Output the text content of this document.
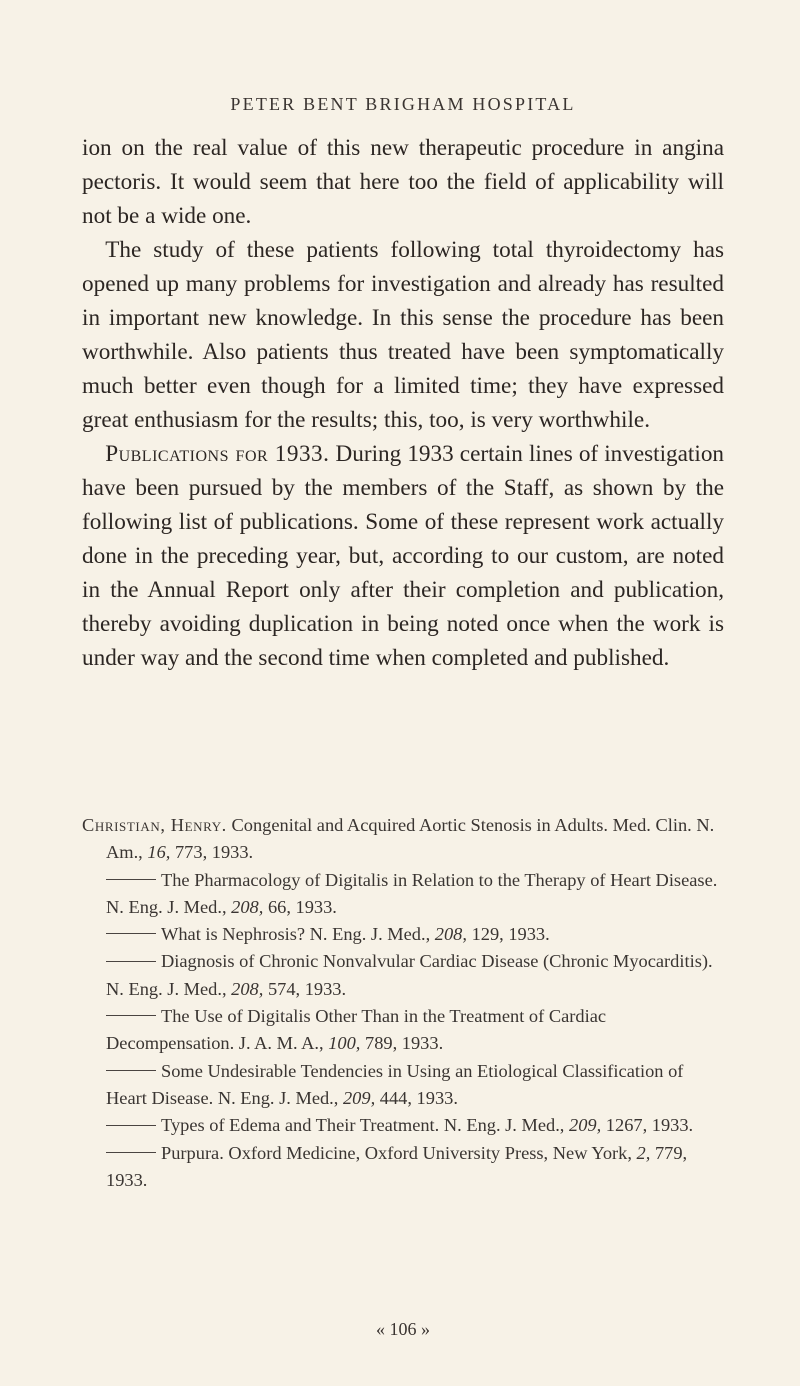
PETER BENT BRIGHAM HOSPITAL

ion on the real value of this new therapeutic procedure in angina pectoris. It would seem that here too the field of applicability will not be a wide one.

 The study of these patients following total thyroidectomy has opened up many problems for investigation and already has resulted in important new knowledge. In this sense the procedure has been worthwhile. Also patients thus treated have been symptomatically much better even though for a limited time; they have expressed great enthusiasm for the results; this, too, is very worthwhile.

 Publications for 1933. During 1933 certain lines of investigation have been pursued by the members of the Staff, as shown by the following list of publications. Some of these represent work actually done in the preceding year, but, according to our custom, are noted in the Annual Report only after their completion and publication, thereby avoiding duplication in being noted once when the work is under way and the second time when completed and published.

Christian, Henry. Congenital and Acquired Aortic Stenosis in Adults. Med. Clin. N. Am., 16, 773, 1933.

The Pharmacology of Digitalis in Relation to the Therapy of Heart Disease. N. Eng. J. Med., 208, 66, 1933.

What is Nephrosis? N. Eng. J. Med., 208, 129, 1933.

Diagnosis of Chronic Nonvalvular Cardiac Disease (Chronic Myocarditis). N. Eng. J. Med., 208, 574, 1933.

The Use of Digitalis Other Than in the Treatment of Cardiac Decompensation. J. A. M. A., 100, 789, 1933.

Some Undesirable Tendencies in Using an Etiological Classification of Heart Disease. N. Eng. J. Med., 209, 444, 1933.

Types of Edema and Their Treatment. N. Eng. J. Med., 209, 1267, 1933.

Purpura. Oxford Medicine, Oxford University Press, New York, 2, 779, 1933.

« 106 »
